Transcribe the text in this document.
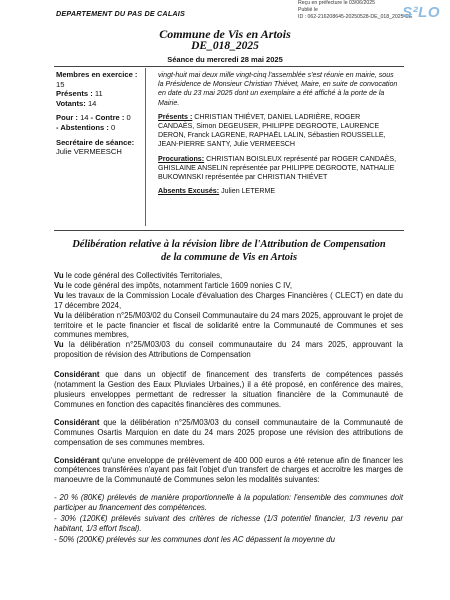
DEPARTEMENT DU PAS DE CALAIS
Reçu en préfecture le 03/06/2025
Publié le
ID : 062-216208645-20250528-DE_018_2025-DE
S²LO
Commune de Vis en Artois
DE_018_2025
Séance du mercredi 28 mai 2025
Membres en exercice :
15
Présents : 11
Votants: 14
Pour : 14 - Contre : 0
- Abstentions : 0
Secrétaire de séance:
Julie VERMEESCH

vingt-huit mai deux mille vingt-cinq l'assemblée s'est réunie en mairie, sous la Présidence de Monsieur Christian Thiévet, Maire, en suite de convocation en date du 23 mai 2025 dont un exemplaire a été affiché à la porte de la Mairie.

Présents : CHRISTIAN THIÉVET, DANIEL LADRIÈRE, ROGER CANDAÈS, Simon DEGEUSER, PHILIPPE DEGROOTE, LAURENCE DERON, Franck LAGRENE, RAPHAËL LALIN, Sébastien ROUSSELLE, JEAN-PIERRE SANTY, Julie VERMEESCH

Procurations: CHRISTIAN BOISLEUX représenté par ROGER CANDAÈS, GHISLAINE ANSELIN représentée par PHILIPPE DEGROOTE, NATHALIE BUKOWINSKI représentée par CHRISTIAN THIÉVET

Absents Excusés: Julien LETERME

Délibération relative à la révision libre de l'Attribution de Compensation
de la commune de Vis en Artois

Vu le code général des Collectivités Territoriales,

Vu le code général des impôts, notamment l'article 1609 nonies C IV,

Vu les travaux de la Commission Locale d'évaluation des Charges Financières ( CLECT) en date du 17 décembre 2024,

Vu la délibération n°25/M03/02 du Conseil Communautaire du 24 mars 2025, approuvant le projet de territoire et le pacte financier et fiscal de solidarité entre la Communauté de Communes et ses communes membres,

Vu la délibération n°25/M03/03 du conseil communautaire du 24 mars 2025, approuvant la proposition de révision des Attributions de Compensation

Considérant que dans un objectif de financement des transferts de compétences passés (notamment la Gestion des Eaux Pluviales Urbaines,) il a été proposé, en conférence des maires, plusieurs enveloppes permettant de redresser la situation financière de la Communauté de Communes en fonction des capacités financières des communes.

Considérant que la délibération n°25/M03/03 du conseil communautaire de la Communauté de Communes Osartis Marquion en date du 24 mars 2025 propose une révision des attributions de compensation de ses communes membres.

Considérant qu'une enveloppe de prélèvement de 400 000 euros a été retenue afin de financer les compétences transférées n'ayant pas fait l'objet d'un transfert de charges et accroitre les marges de manoeuvre de la Communauté de Communes selon les modalités suivantes:

- 20 % (80K€) prélevés de manière proportionnelle à la population: l'ensemble des communes doit participer au financement des compétences.

- 30% (120K€) prélevés suivant des critères de richesse (1/3 potentiel financier, 1/3 revenu par habitant, 1/3 effort fiscal).

- 50% (200K€) prélevés sur les communes dont les AC dépassent la moyenne du
